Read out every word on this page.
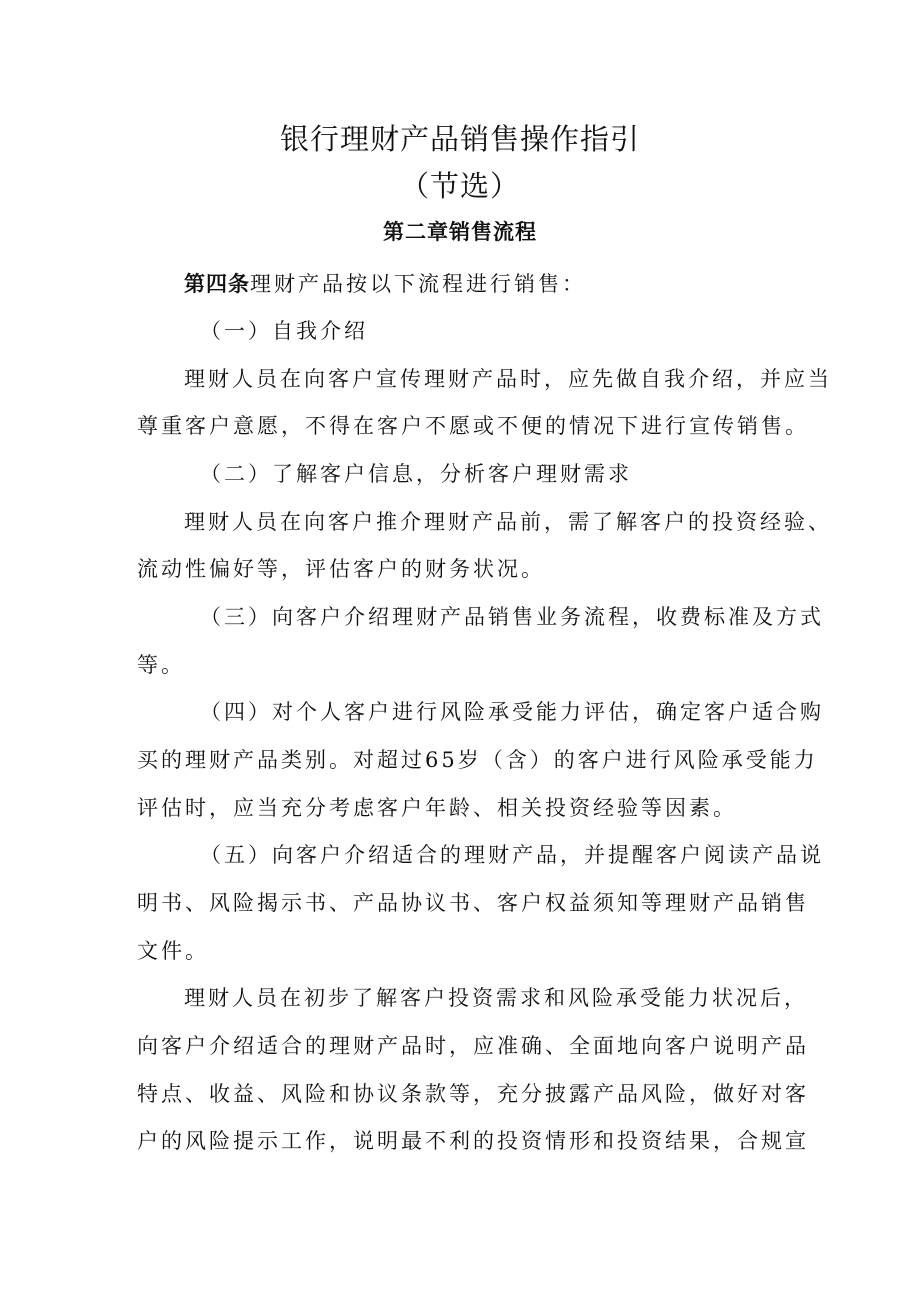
银行理财产品销售操作指引
（节选）
第二章销售流程
第四条理财产品按以下流程进行销售：
（一）自我介绍
理财人员在向客户宣传理财产品时，应先做自我介绍，并应当
尊重客户意愿，不得在客户不愿或不便的情况下进行宣传销售。
（二）了解客户信息，分析客户理财需求
理财人员在向客户推介理财产品前，需了解客户的投资经验、
流动性偏好等，评估客户的财务状况。
（三）向客户介绍理财产品销售业务流程，收费标准及方式
等。
（四）对个人客户进行风险承受能力评估，确定客户适合购
买的理财产品类别。对超过65岁（含）的客户进行风险承受能力
评估时，应当充分考虑客户年龄、相关投资经验等因素。
（五）向客户介绍适合的理财产品，并提醒客户阅读产品说
明书、风险揭示书、产品协议书、客户权益须知等理财产品销售
文件。
理财人员在初步了解客户投资需求和风险承受能力状况后，
向客户介绍适合的理财产品时，应准确、全面地向客户说明产品
特点、收益、风险和协议条款等，充分披露产品风险，做好对客
户的风险提示工作，说明最不利的投资情形和投资结果，合规宣
